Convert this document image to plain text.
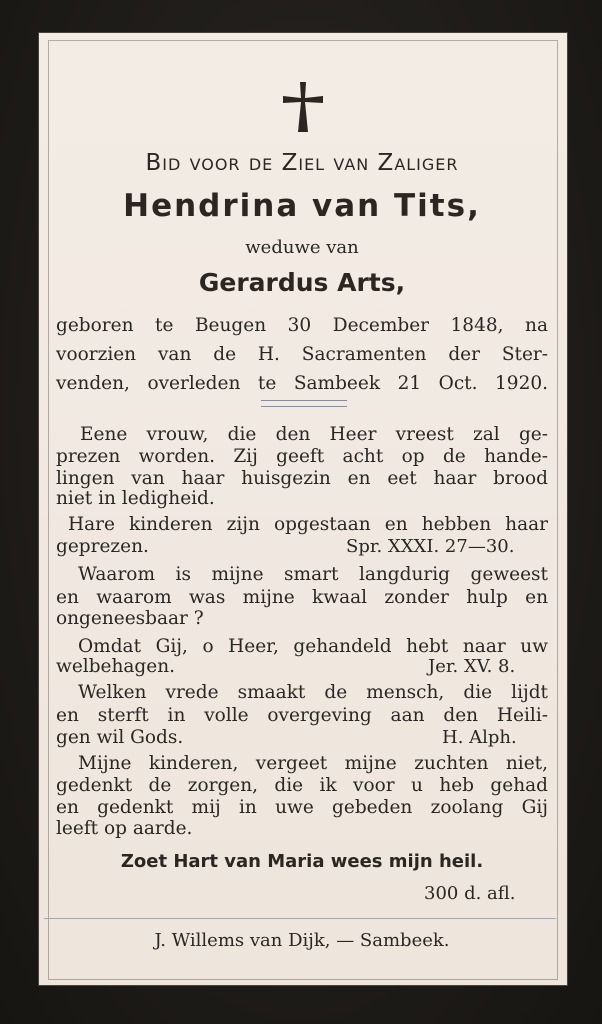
Bid voor de Ziel van Zaliger
Hendrina van Tits,
weduwe van
Gerardus Arts,
geboren te Beugen 30 December 1848, na
voorzien van de H. Sacramenten der Ster-
venden, overleden te Sambeek 21 Oct. 1920.
Eene vrouw, die den Heer vreest zal ge-
prezen worden. Zij geeft acht op de hande-
lingen van haar huisgezin en eet haar brood
niet in ledigheid.
Hare kinderen zijn opgestaan en hebben haar
geprezen.	Spr. XXXI. 27—30.
Waarom is mijne smart langdurig geweest
en waarom was mijne kwaal zonder hulp en
ongeneesbaar ?
Omdat Gij, o Heer, gehandeld hebt naar uw
welbehagen.	Jer. XV. 8.
Welken vrede smaakt de mensch, die lijdt
en sterft in volle overgeving aan den Heili-
gen wil Gods.	H. Alph.
Mijne kinderen, vergeet mijne zuchten niet,
gedenkt de zorgen, die ik voor u heb gehad
en gedenkt mij in uwe gebeden zoolang Gij
leeft op aarde.
Zoet Hart van Maria wees mijn heil.
300 d. afl.
J. Willems van Dijk, — Sambeek.
